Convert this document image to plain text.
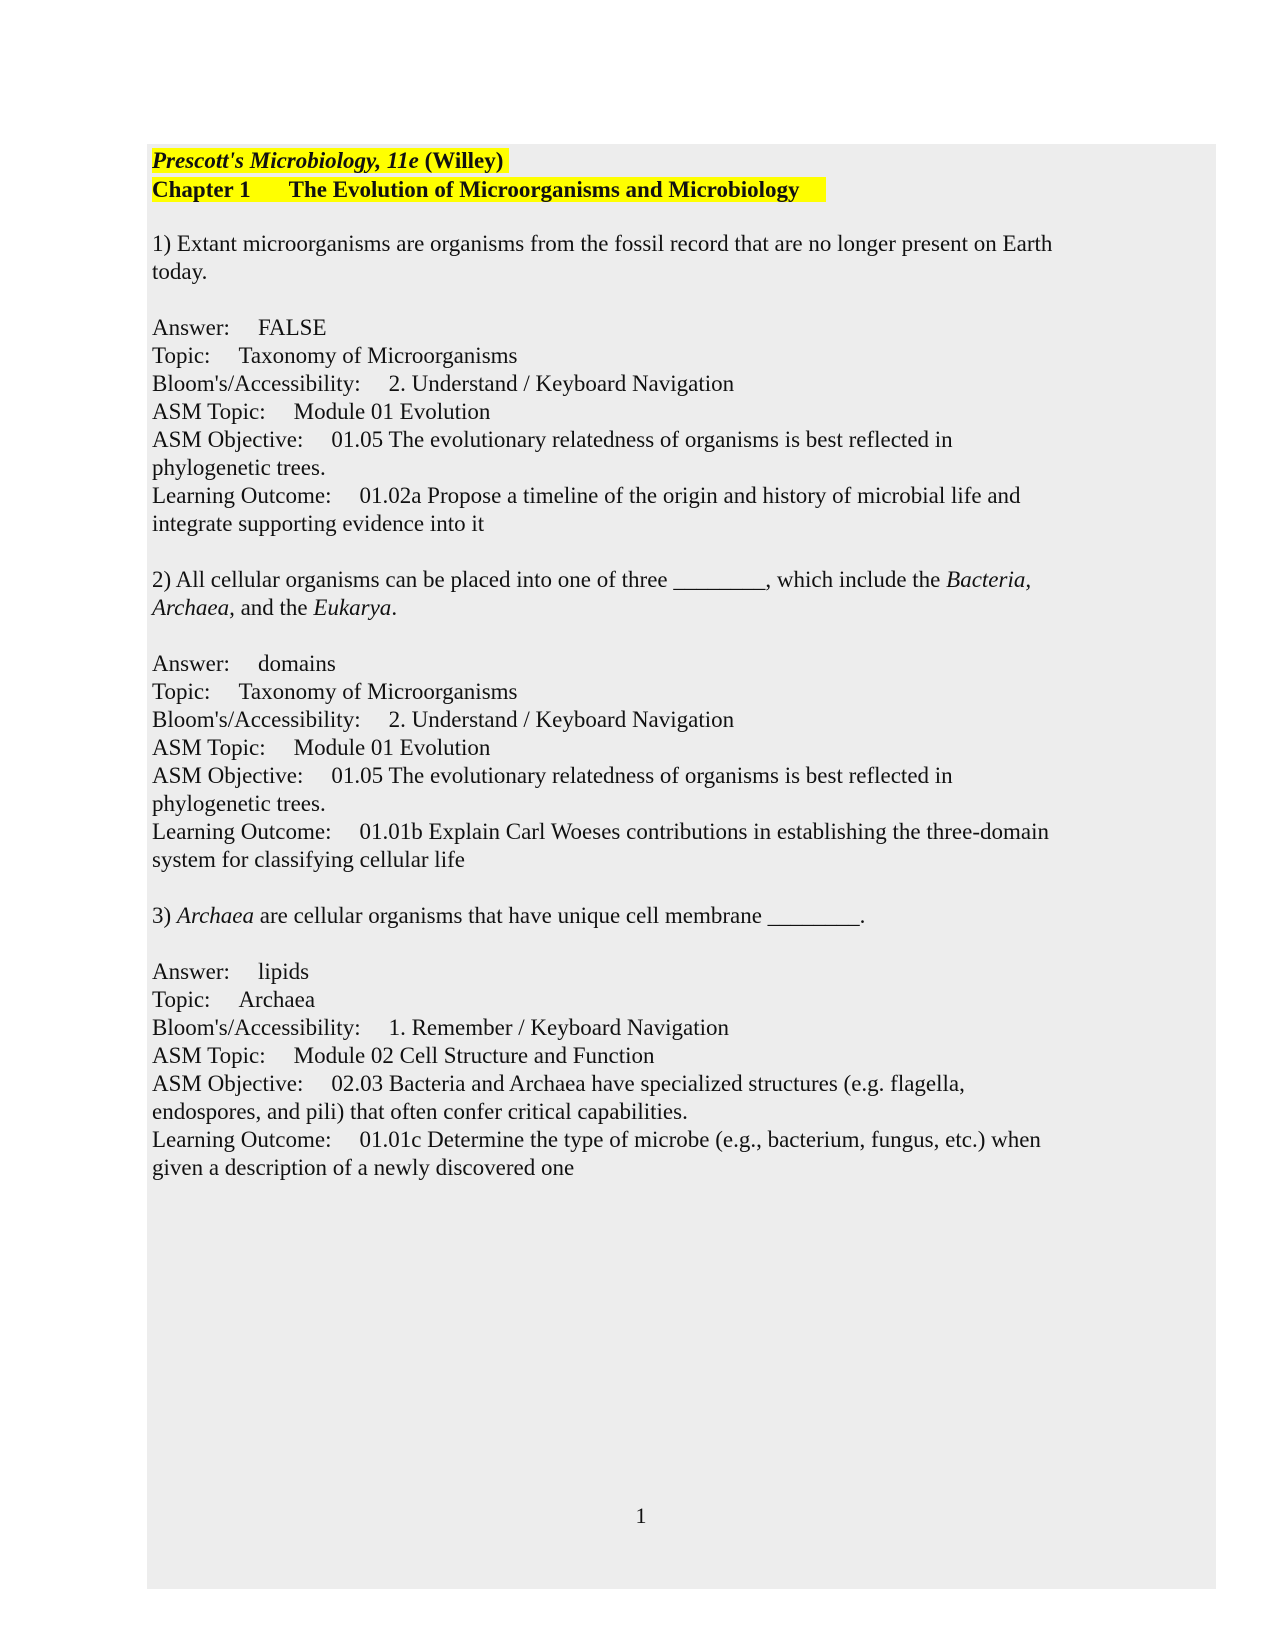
Prescott's Microbiology, 11e (Willey)
Chapter 1 The Evolution of Microorganisms and Microbiology
1) Extant microorganisms are organisms from the fossil record that are no longer present on Earth
today.
Answer: FALSE
Topic: Taxonomy of Microorganisms
Bloom's/Accessibility: 2. Understand / Keyboard Navigation
ASM Topic: Module 01 Evolution
ASM Objective: 01.05 The evolutionary relatedness of organisms is best reflected in
phylogenetic trees.
Learning Outcome: 01.02a Propose a timeline of the origin and history of microbial life and
integrate supporting evidence into it
2) All cellular organisms can be placed into one of three ________, which include the Bacteria,
Archaea, and the Eukarya.
Answer: domains
Topic: Taxonomy of Microorganisms
Bloom's/Accessibility: 2. Understand / Keyboard Navigation
ASM Topic: Module 01 Evolution
ASM Objective: 01.05 The evolutionary relatedness of organisms is best reflected in
phylogenetic trees.
Learning Outcome: 01.01b Explain Carl Woeses contributions in establishing the three-domain
system for classifying cellular life
3) Archaea are cellular organisms that have unique cell membrane ________.
Answer: lipids
Topic: Archaea
Bloom's/Accessibility: 1. Remember / Keyboard Navigation
ASM Topic: Module 02 Cell Structure and Function
ASM Objective: 02.03 Bacteria and Archaea have specialized structures (e.g. flagella,
endospores, and pili) that often confer critical capabilities.
Learning Outcome: 01.01c Determine the type of microbe (e.g., bacterium, fungus, etc.) when
given a description of a newly discovered one
1
